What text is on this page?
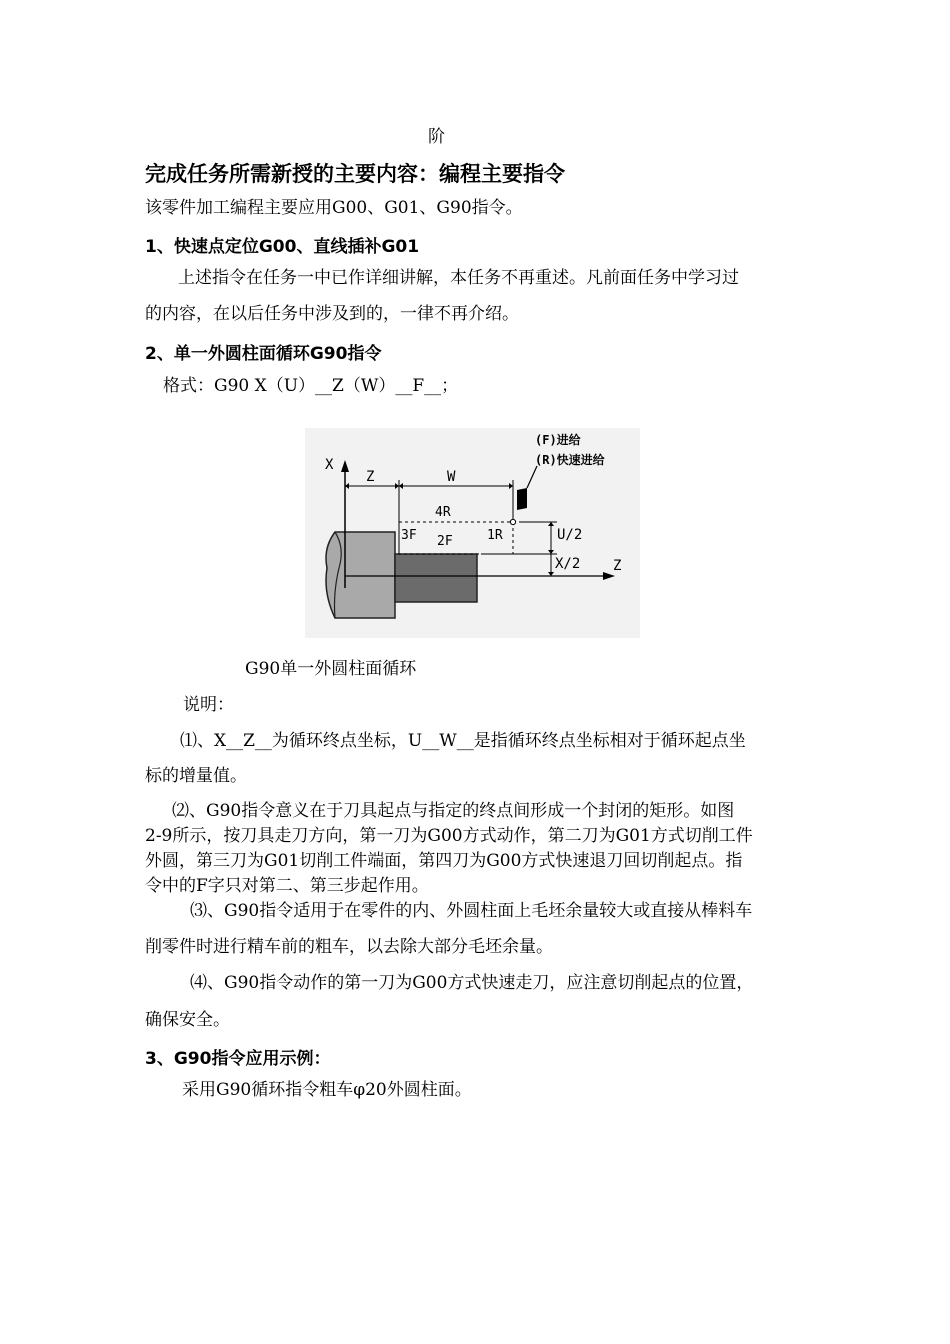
阶
完成任务所需新授的主要内容：编程主要指令
该零件加工编程主要应用G00、G01、G90指令。
1、快速点定位G00、直线插补G01
上述指令在任务一中已作详细讲解，本任务不再重述。凡前面任务中学习过
的内容，在以后任务中涉及到的，一律不再介绍。
2、单一外圆柱面循环G90指令
格式：G90 X（U）__Z（W）__F__；
X
Z
Z	W
4R
3F 2F	1R	U/2
X/2
(F)进给
(R)快速进给
G90单一外圆柱面循环
说明：
⑴、X__Z__为循环终点坐标，U__W__是指循环终点坐标相对于循环起点坐
标的增量值。
⑵、G90指令意义在于刀具起点与指定的终点间形成一个封闭的矩形。如图
2-9所示，按刀具走刀方向，第一刀为G00方式动作，第二刀为G01方式切削工件
外圆，第三刀为G01切削工件端面，第四刀为G00方式快速退刀回切削起点。指
令中的F字只对第二、第三步起作用。
⑶、G90指令适用于在零件的内、外圆柱面上毛坯余量较大或直接从棒料车
削零件时进行精车前的粗车，以去除大部分毛坯余量。
⑷、G90指令动作的第一刀为G00方式快速走刀，应注意切削起点的位置，
确保安全。
3、G90指令应用示例：
采用G90循环指令粗车φ20外圆柱面。
